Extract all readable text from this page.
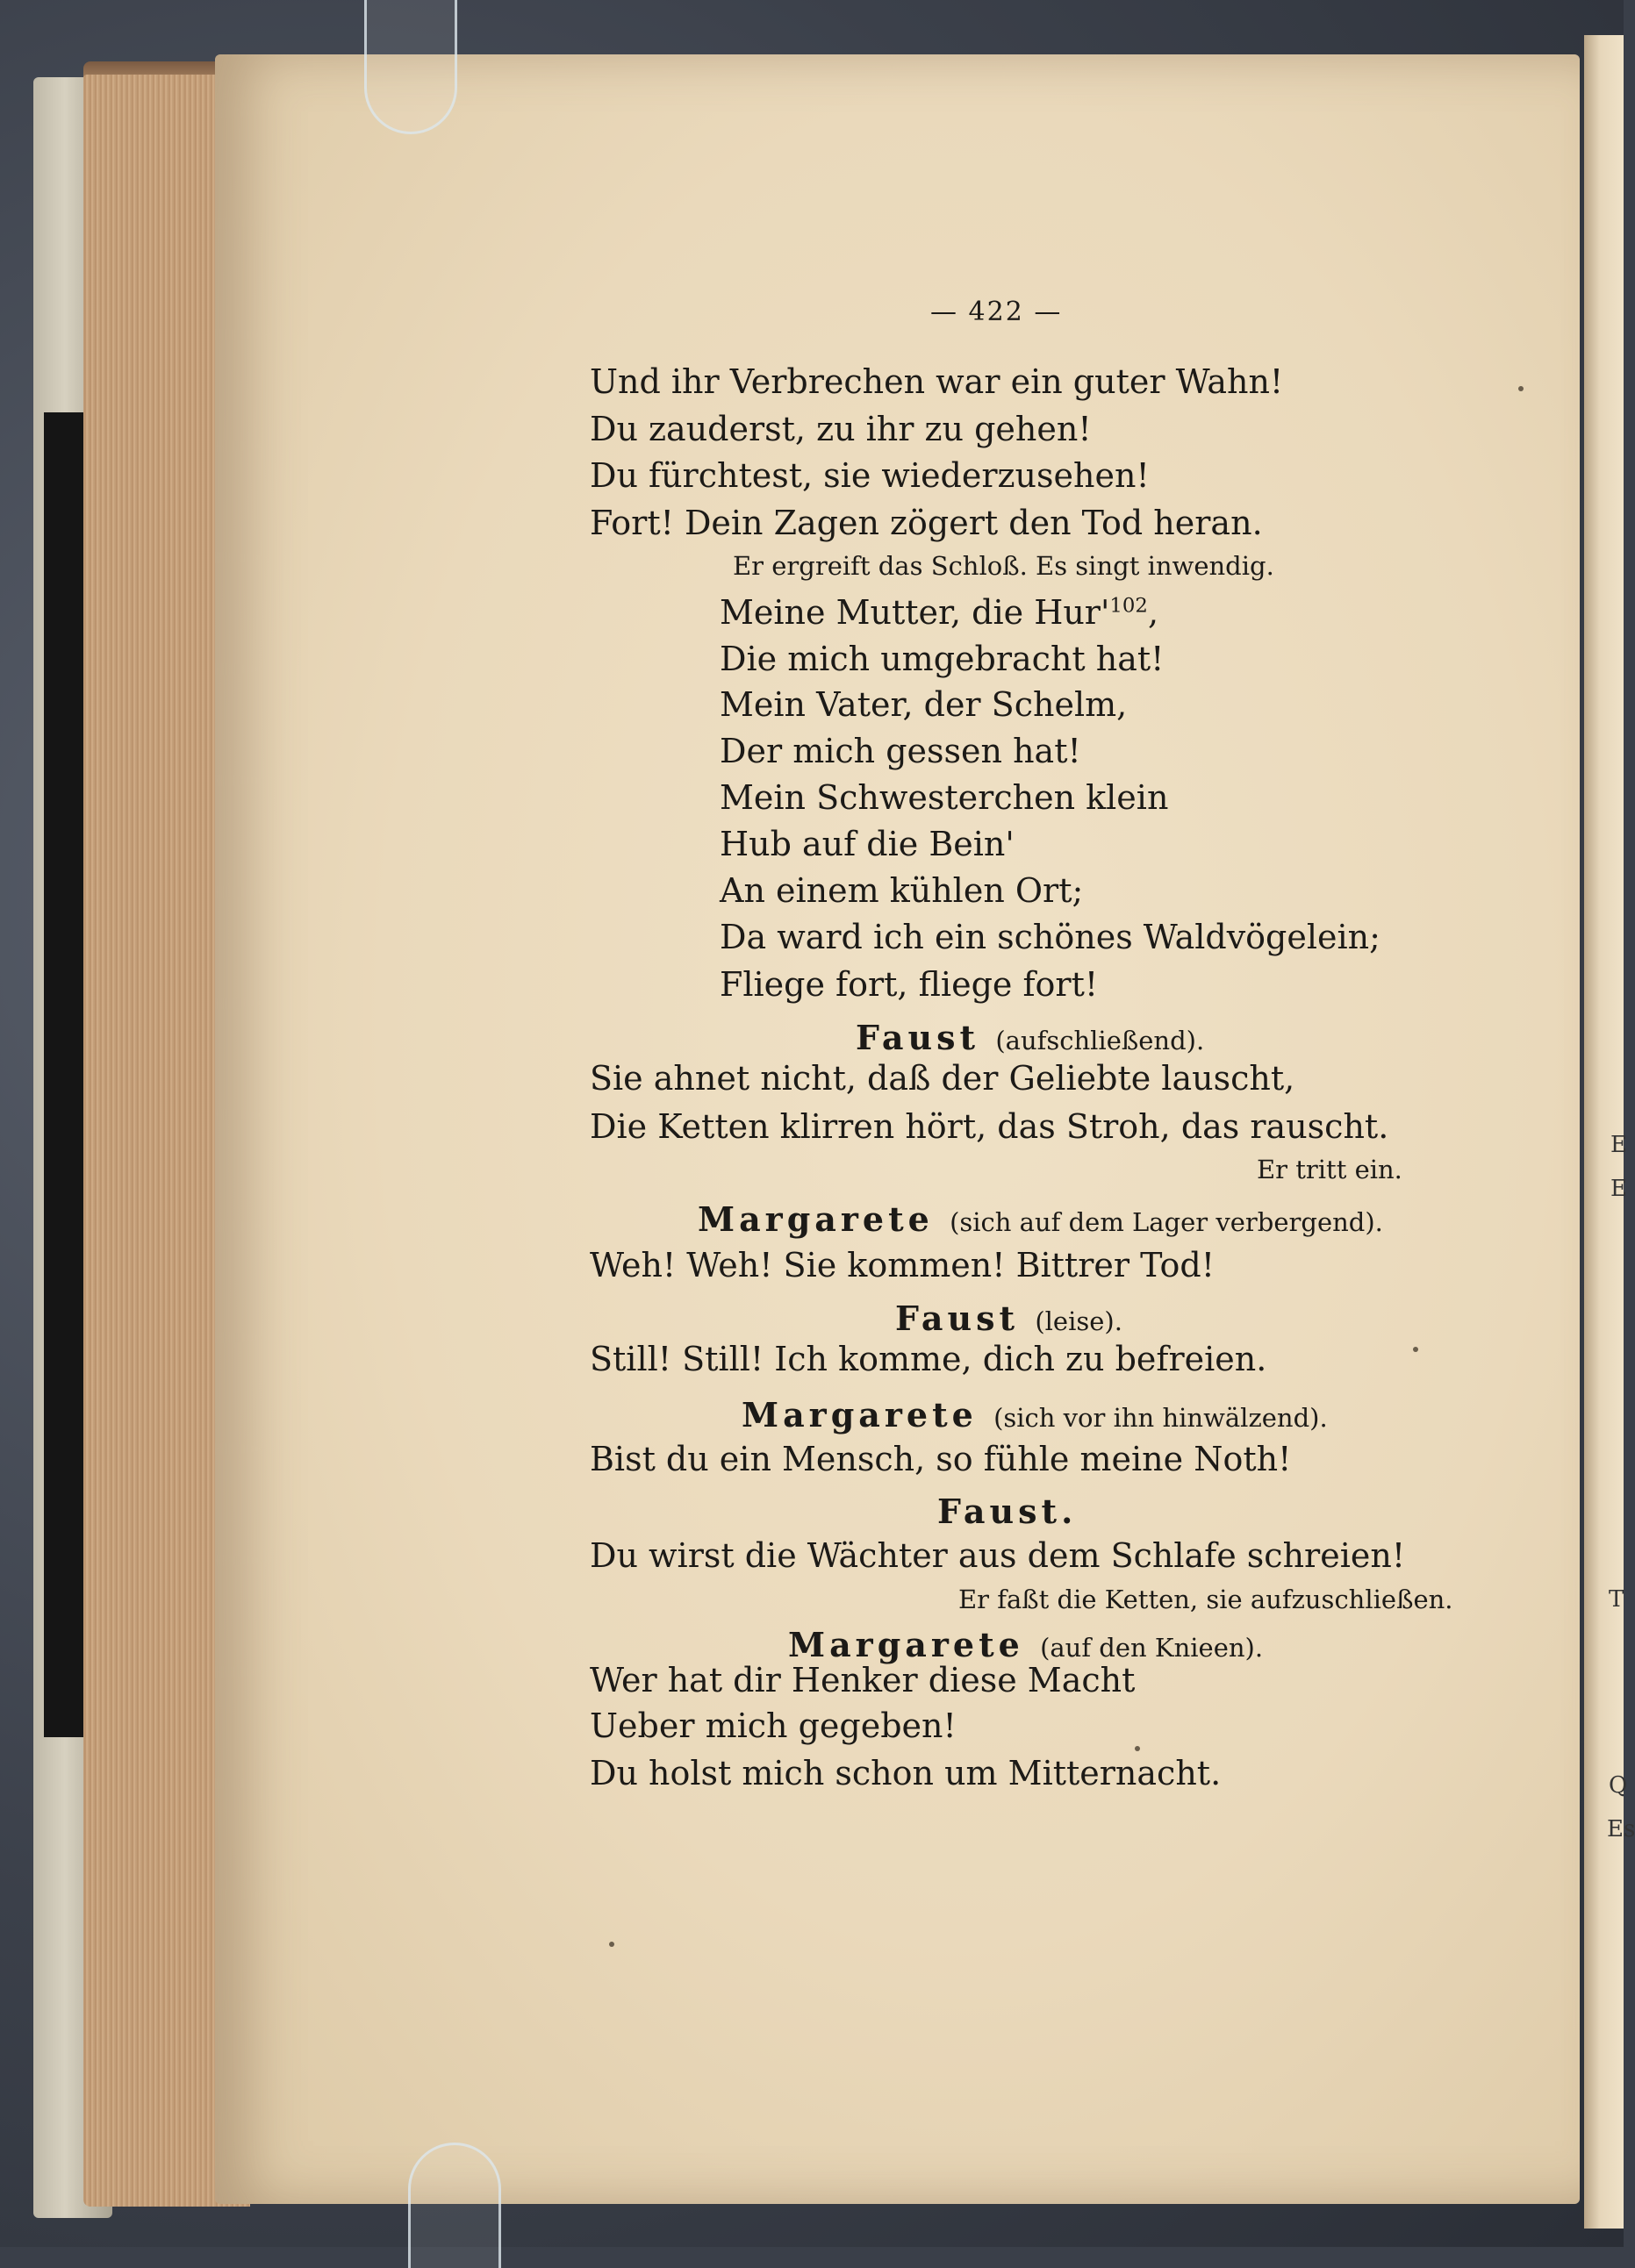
E
E
T
Q
Es
— 422 —
Und ihr Verbrechen war ein guter Wahn!
Du zauderst, zu ihr zu gehen!
Du fürchtest, sie wiederzusehen!
Fort! Dein Zagen zögert den Tod heran.
Er ergreift das Schloß. Es singt inwendig.
Meine Mutter, die $Hur'^{102}$,
Die mich umgebracht hat!
Mein Vater, der Schelm,
Der mich gessen hat!
Mein Schwesterchen klein
Hub auf die Bein'
An einem kühlen Ort;
Da ward ich ein schönes Waldvögelein;
Fliege fort, fliege fort!
Faust (aufschließend).
Sie ahnet nicht, daß der Geliebte lauscht,
Die Ketten klirren hört, das Stroh, das rauscht.
Er tritt ein.
Margarete (sich auf dem Lager verbergend).
Weh! Weh! Sie kommen! Bittrer Tod!
Faust (leise).
Still! Still! Ich komme, dich zu befreien.
Margarete (sich vor ihn hinwälzend).
Bist du ein Mensch, so fühle meine Noth!
Faust.
Du wirst die Wächter aus dem Schlafe schreien!
Er faßt die Ketten, sie aufzuschließen.
Margarete (auf den Knieen).
Wer hat dir Henker diese Macht
Ueber mich gegeben!
Du holst mich schon um Mitternacht.
